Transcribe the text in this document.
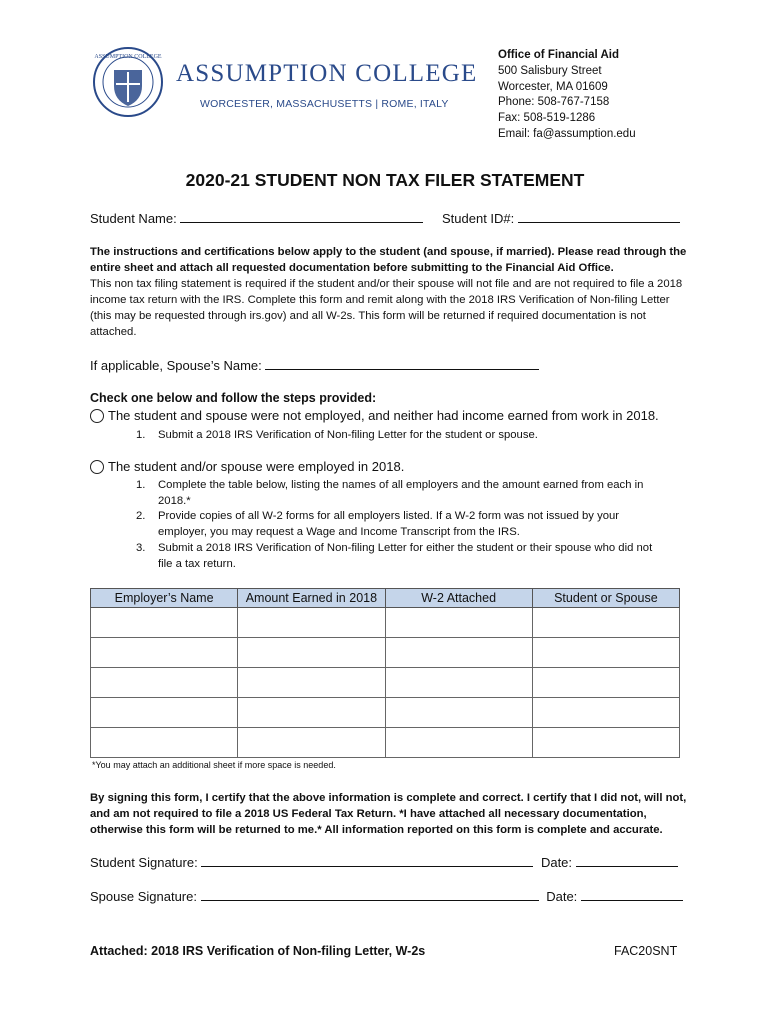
ASSUMPTION COLLEGE
ASSUMPTION COLLEGE
WORCESTER, MASSACHUSETTS | ROME, ITALY
Office of Financial Aid
500 Salisbury Street
Worcester, MA 01609
Phone: 508-767-7158
Fax: 508-519-1286
Email: fa@assumption.edu
2020-21 STUDENT NON TAX FILER STATEMENT
Student Name:	Student ID#:
The instructions and certifications below apply to the student (and spouse, if married). Please read through the entire sheet and attach all requested documentation before submitting to the Financial Aid Office.
This non tax filing statement is required if the student and/or their spouse will not file and are not required to file a 2018 income tax return with the IRS. Complete this form and remit along with the 2018 IRS Verification of Non-filing Letter (this may be requested through irs.gov) and all W-2s. This form will be returned if required documentation is not attached.
If applicable, Spouse’s Name:
Check one below and follow the steps provided:
The student and spouse were not employed, and neither had income earned from work in 2018.
1. Submit a 2018 IRS Verification of Non-filing Letter for the student or spouse.
The student and/or spouse were employed in 2018.
1. Complete the table below, listing the names of all employers and the amount earned from each in 2018.*
2. Provide copies of all W-2 forms for all employers listed. If a W-2 form was not issued by your employer, you may request a Wage and Income Transcript from the IRS.
3. Submit a 2018 IRS Verification of Non-filing Letter for either the student or their spouse who did not file a tax return.
Employer’s Name	Amount Earned in 2018	W-2 Attached	Student or Spouse

*You may attach an additional sheet if more space is needed.
By signing this form, I certify that the above information is complete and correct. I certify that I did not, will not, and am not required to file a 2018 US Federal Tax Return. *I have attached all necessary documentation, otherwise this form will be returned to me.* All information reported on this form is complete and accurate.
Student Signature:	Date:
Spouse Signature:	Date:
Attached: 2018 IRS Verification of Non-filing Letter, W-2s	FAC20SNT
